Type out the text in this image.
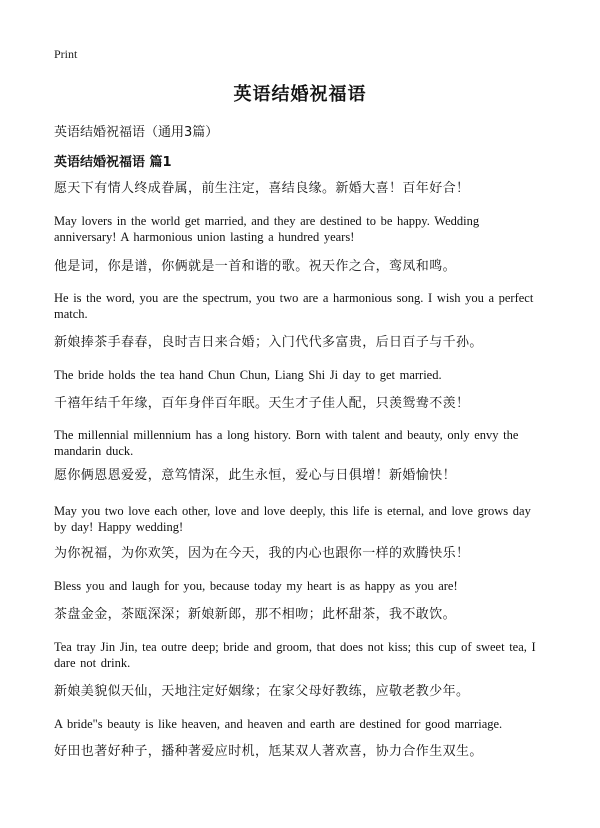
Print
英语结婚祝福语
英语结婚祝福语（通用3篇）
英语结婚祝福语 篇1
愿天下有情人终成眷属，前生注定，喜结良缘。新婚大喜！百年好合！
May lovers in the world get married, and they are destined to be happy. Wedding anniversary! A harmonious union lasting a hundred years!
他是词，你是谱，你俩就是一首和谐的歌。祝天作之合，鸾凤和鸣。
He is the word, you are the spectrum, you two are a harmonious song. I wish you a perfect match.
新娘捧茶手春春，良时吉日来合婚；入门代代多富贵，后日百子与千孙。
The bride holds the tea hand Chun Chun, Liang Shi Ji day to get married.
千禧年结千年缘，百年身伴百年眠。天生才子佳人配，只羡鸳鸯不羡！
The millennial millennium has a long history. Born with talent and beauty, only envy the mandarin duck.
愿你俩恩恩爱爱，意笃情深，此生永恒，爱心与日俱增！新婚愉快！
May you two love each other, love and love deeply, this life is eternal, and love grows day by day! Happy wedding!
为你祝福，为你欢笑，因为在今天，我的内心也跟你一样的欢腾快乐！
Bless you and laugh for you, because today my heart is as happy as you are!
茶盘金金，茶瓯深深；新娘新郎，那不相吻；此杯甜茶，我不敢饮。
Tea tray Jin Jin, tea outre deep; bride and groom, that does not kiss; this cup of sweet tea, I dare not drink.
新娘美貌似天仙，天地注定好姻缘；在家父母好教练，应敬老教少年。
A bride"s beauty is like heaven, and heaven and earth are destined for good marriage.
好田也著好种子，播种著爱应时机，尪某双人著欢喜，协力合作生双生。
